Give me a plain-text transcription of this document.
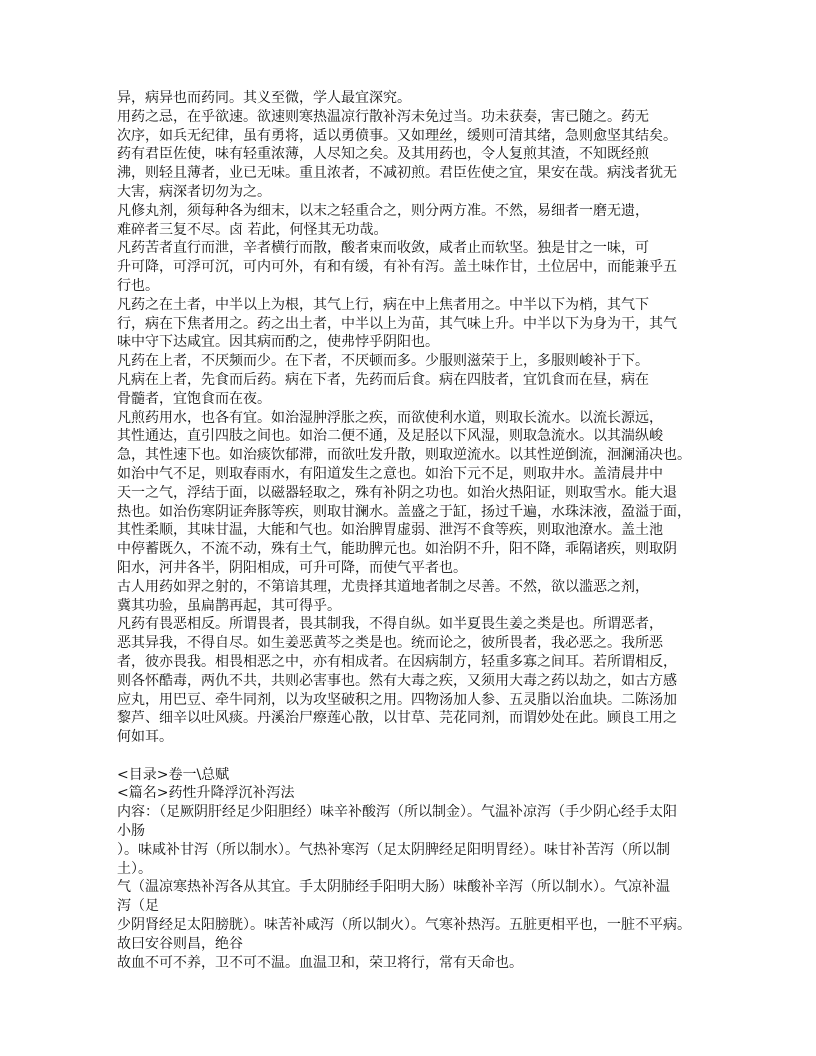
异，病异也而药同。其义至微，学人最宜深究。
用药之忌，在乎欲速。欲速则寒热温凉行散补泻未免过当。功未获奏，害已随之。药无
次序，如兵无纪律，虽有勇将，适以勇偾事。又如理丝，缓则可清其绪，急则愈坚其结矣。
药有君臣佐使，味有轻重浓薄，人尽知之矣。及其用药也，令人复煎其渣，不知既经煎
沸，则轻且薄者，业已无味。重且浓者，不减初煎。君臣佐使之宜，果安在哉。病浅者犹无
大害，病深者切勿为之。
凡修丸剂，须每种各为细末，以末之轻重合之，则分两方准。不然，易细者一磨无遗，
难碎者三复不尽。卤 若此，何怪其无功哉。
凡药苦者直行而泄，辛者横行而散，酸者束而收敛，咸者止而软坚。独是甘之一味，可
升可降，可浮可沉，可内可外，有和有缓，有补有泻。盖土味作甘，土位居中，而能兼乎五
行也。
凡药之在土者，中半以上为根，其气上行，病在中上焦者用之。中半以下为梢，其气下
行，病在下焦者用之。药之出土者，中半以上为苗，其气味上升。中半以下为身为干，其气
味中守下达咸宜。因其病而酌之，使弗悖乎阴阳也。
凡药在上者，不厌频而少。在下者，不厌顿而多。少服则滋荣于上，多服则峻补于下。
凡病在上者，先食而后药。病在下者，先药而后食。病在四肢者，宜饥食而在昼，病在
骨髓者，宜饱食而在夜。
凡煎药用水，也各有宜。如治湿肿浮胀之疾，而欲使利水道，则取长流水。以流长源远，
其性通达，直引四肢之间也。如治二便不通，及足胫以下风湿，则取急流水。以其湍纵峻
急，其性速下也。如治痰饮郁滞，而欲吐发升散，则取逆流水。以其性逆倒流，洄澜涌决也。
如治中气不足，则取春雨水，有阳道发生之意也。如治下元不足，则取井水。盖清晨井中
天一之气，浮结于面，以磁器轻取之，殊有补阴之功也。如治火热阳证，则取雪水。能大退
热也。如治伤寒阴证奔豚等疾，则取甘澜水。盖盛之于缸，扬过千遍，水珠沫液，盈溢于面，
其性柔顺，其味甘温，大能和气也。如治脾胃虚弱、泄泻不食等疾，则取池潦水。盖土池
中停蓄既久，不流不动，殊有土气，能助脾元也。如治阴不升，阳不降，乖隔诸疾，则取阴
阳水，河井各半，阴阳相成，可升可降，而使气平者也。
古人用药如羿之射的，不第谙其理，尤贵择其道地者制之尽善。不然，欲以滥恶之剂，
冀其功验，虽扁鹊再起，其可得乎。
凡药有畏恶相反。所谓畏者，畏其制我，不得自纵。如半夏畏生姜之类是也。所谓恶者，
恶其异我，不得自尽。如生姜恶黄芩之类是也。统而论之，彼所畏者，我必恶之。我所恶
者，彼亦畏我。相畏相恶之中，亦有相成者。在因病制方，轻重多寡之间耳。若所谓相反，
则各怀酷毒，两仇不共，共则必害事也。然有大毒之疾，又须用大毒之药以劫之，如古方感
应丸，用巴豆、牵牛同剂，以为攻坚破积之用。四物汤加人参、五灵脂以治血块。二陈汤加
黎芦、细辛以吐风痰。丹溪治尸瘵莲心散，以甘草、芫花同剂，而谓妙处在此。顾良工用之
何如耳。
<目录>卷一\总赋
<篇名>药性升降浮沉补泻法
内容：（足厥阴肝经足少阳胆经）味辛补酸泻（所以制金）。气温补凉泻（手少阴心经手太阳
小肠
）。味咸补甘泻（所以制水）。气热补寒泻（足太阴脾经足阳明胃经）。味甘补苦泻（所以制
土）。
气（温凉寒热补泻各从其宜。手太阴肺经手阳明大肠）味酸补辛泻（所以制水）。气凉补温
泻（足
少阴肾经足太阳膀胱）。味苦补咸泻（所以制火）。气寒补热泻。五脏更相平也，一脏不平病。
故曰安谷则昌，绝谷
故血不可不养，卫不可不温。血温卫和，荣卫将行，常有天命也。
